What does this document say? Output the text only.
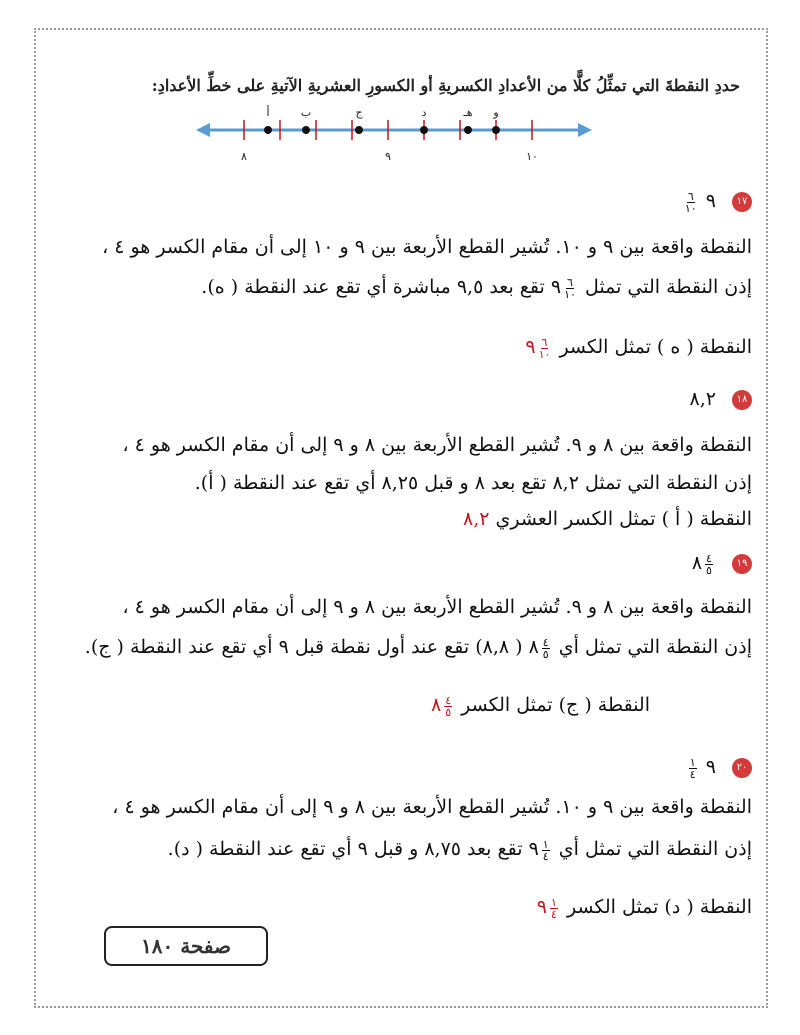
حددِ النقطةَ التي تمثِّلُ كلًّا من الأعدادِ الكسريةِ أو الكسورِ العشريةِ الآتيةِ على خطِّ الأعدادِ:
أ	ب	ج	د	هـ و
٨	٩	١٠
١٧ ٩
$\frac{٦}{١٠}$
النقطة واقعة بين ٩ و ١٠. تُشير القطع الأربعة بين ٩ و ١٠ إلى أن مقام الكسر هو ٤ ،
إذن النقطة التي تمثل
$\frac{٦}{١٠}$
٩ تقع بعد ٩,٥ مباشرة أي تقع عند النقطة ( ه).
النقطة ( ه ) تمثل الكسر
$\frac{٦}{١٠}$
٩
١٨ ٨,٢
النقطة واقعة بين ٨ و ٩. تُشير القطع الأربعة بين ٨ و ٩ إلى أن مقام الكسر هو ٤ ،
إذن النقطة التي تمثل ٨,٢ تقع بعد ٨ و قبل ٨,٢٥ أي تقع عند النقطة ( أ).
النقطة ( أ ) تمثل الكسر العشري ٨,٢
١٩
$\frac{٤}{٥}$
٨
النقطة واقعة بين ٨ و ٩. تُشير القطع الأربعة بين ٨ و ٩ إلى أن مقام الكسر هو ٤ ،
إذن النقطة التي تمثل أي
$\frac{٤}{٥}$
٨ ( ٨,٨) تقع عند أول نقطة قبل ٩ أي تقع عند النقطة ( ج).
النقطة ( ج) تمثل الكسر
$\frac{٤}{٥}$
٨
٢٠ ٩
$\frac{١}{٤}$
النقطة واقعة بين ٩ و ١٠. تُشير القطع الأربعة بين ٨ و ٩ إلى أن مقام الكسر هو ٤ ،
إذن النقطة التي تمثل أي
$\frac{١}{٤}$
٩ تقع بعد ٨,٧٥ و قبل ٩ أي تقع عند النقطة ( د).
النقطة ( د) تمثل الكسر
$\frac{١}{٤}$
٩
صفحة ١٨٠
